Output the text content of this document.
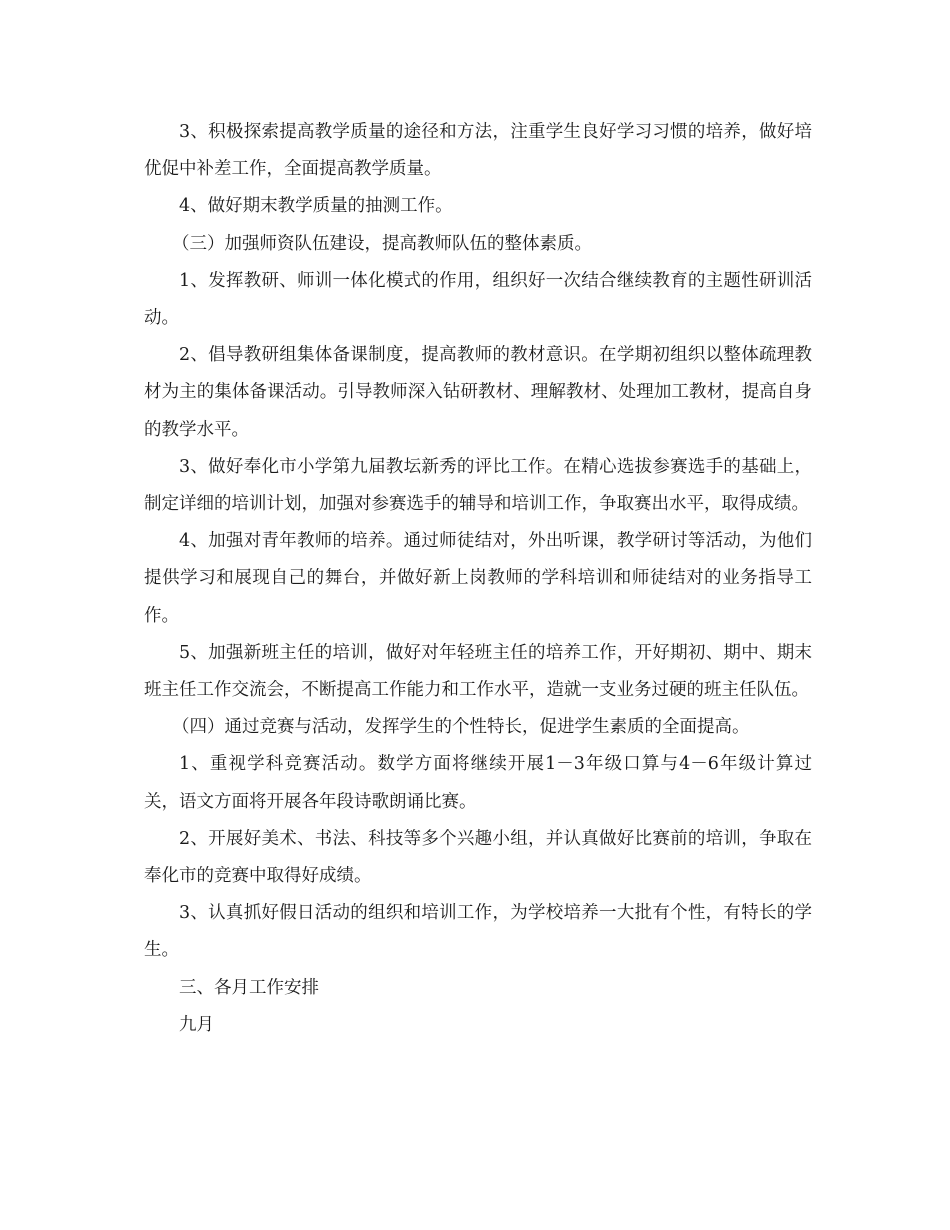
3、积极探索提高教学质量的途径和方法，注重学生良好学习习惯的培养，做好培优促中补差工作，全面提高教学质量。

4、做好期末教学质量的抽测工作。

（三）加强师资队伍建设，提高教师队伍的整体素质。

1、发挥教研、师训一体化模式的作用，组织好一次结合继续教育的主题性研训活动。

2、倡导教研组集体备课制度，提高教师的教材意识。在学期初组织以整体疏理教材为主的集体备课活动。引导教师深入钻研教材、理解教材、处理加工教材，提高自身的教学水平。

3、做好奉化市小学第九届教坛新秀的评比工作。在精心选拔参赛选手的基础上，制定详细的培训计划，加强对参赛选手的辅导和培训工作，争取赛出水平，取得成绩。

4、加强对青年教师的培养。通过师徒结对，外出听课，教学研讨等活动，为他们提供学习和展现自己的舞台，并做好新上岗教师的学科培训和师徒结对的业务指导工作。

5、加强新班主任的培训，做好对年轻班主任的培养工作，开好期初、期中、期末班主任工作交流会，不断提高工作能力和工作水平，造就一支业务过硬的班主任队伍。

（四）通过竞赛与活动，发挥学生的个性特长，促进学生素质的全面提高。

1、重视学科竞赛活动。数学方面将继续开展1－3年级口算与4－6年级计算过关，语文方面将开展各年段诗歌朗诵比赛。

2、开展好美术、书法、科技等多个兴趣小组，并认真做好比赛前的培训，争取在奉化市的竞赛中取得好成绩。

3、认真抓好假日活动的组织和培训工作，为学校培养一大批有个性，有特长的学生。

三、各月工作安排

九月
